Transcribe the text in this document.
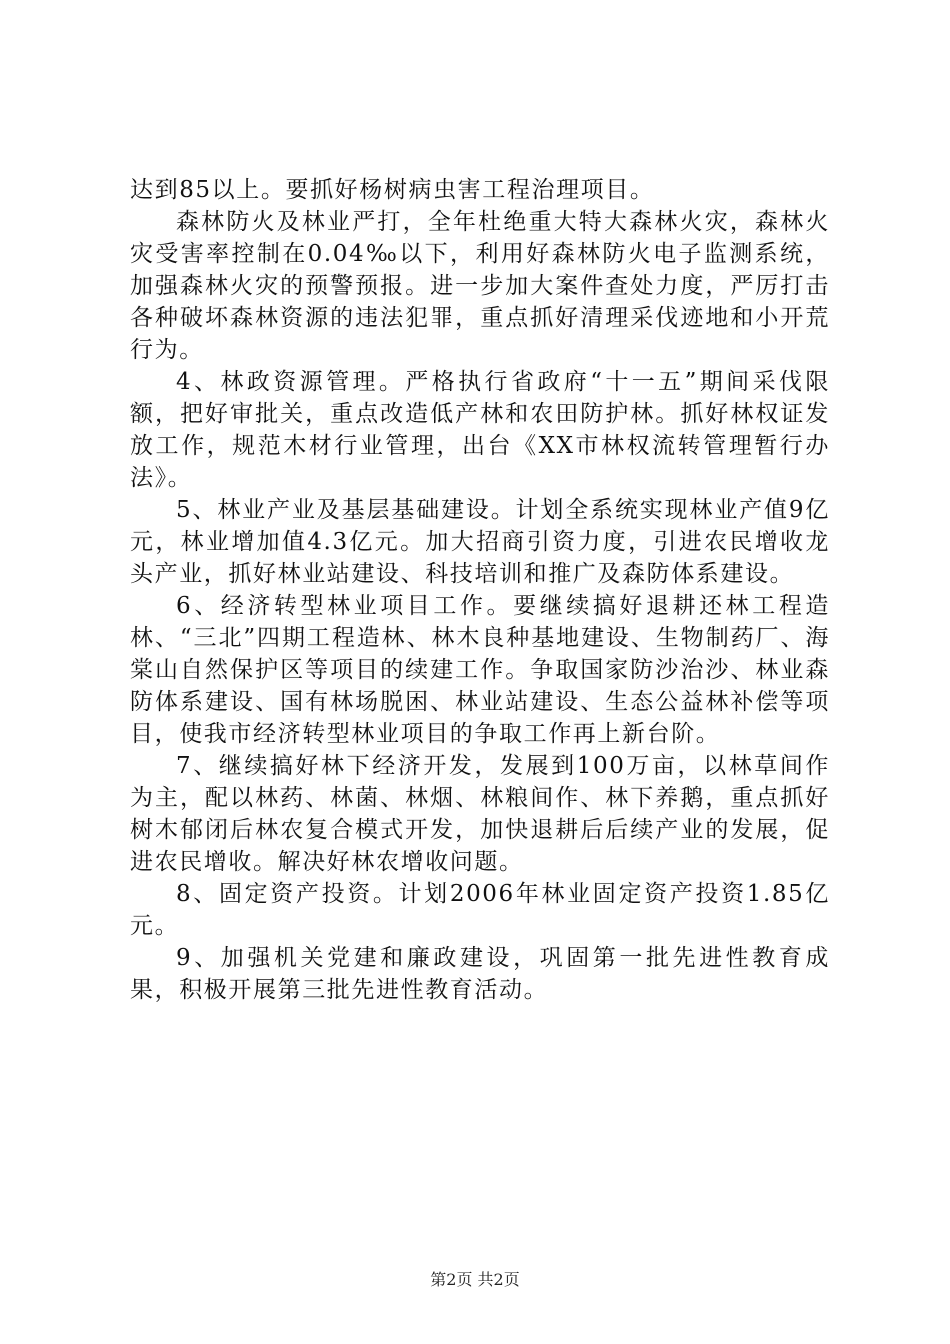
达到85以上。要抓好杨树病虫害工程治理项目。

森林防火及林业严打，全年杜绝重大特大森林火灾，森林火灾受害率控制在0.04‰以下，利用好森林防火电子监测系统，加强森林火灾的预警预报。进一步加大案件查处力度，严厉打击各种破坏森林资源的违法犯罪，重点抓好清理采伐迹地和小开荒行为。

4、林政资源管理。严格执行省政府“十一五”期间采伐限额，把好审批关，重点改造低产林和农田防护林。抓好林权证发放工作，规范木材行业管理，出台《XX市林权流转管理暂行办法》。

5、林业产业及基层基础建设。计划全系统实现林业产值9亿元，林业增加值4.3亿元。加大招商引资力度，引进农民增收龙头产业，抓好林业站建设、科技培训和推广及森防体系建设。

6、经济转型林业项目工作。要继续搞好退耕还林工程造林、“三北”四期工程造林、林木良种基地建设、生物制药厂、海棠山自然保护区等项目的续建工作。争取国家防沙治沙、林业森防体系建设、国有林场脱困、林业站建设、生态公益林补偿等项目，使我市经济转型林业项目的争取工作再上新台阶。

7、继续搞好林下经济开发，发展到100万亩，以林草间作为主，配以林药、林菌、林烟、林粮间作、林下养鹅，重点抓好树木郁闭后林农复合模式开发，加快退耕后后续产业的发展，促进农民增收。解决好林农增收问题。

8、固定资产投资。计划2006年林业固定资产投资1.85亿元。

9、加强机关党建和廉政建设，巩固第一批先进性教育成果，积极开展第三批先进性教育活动。

第2页 共2页
